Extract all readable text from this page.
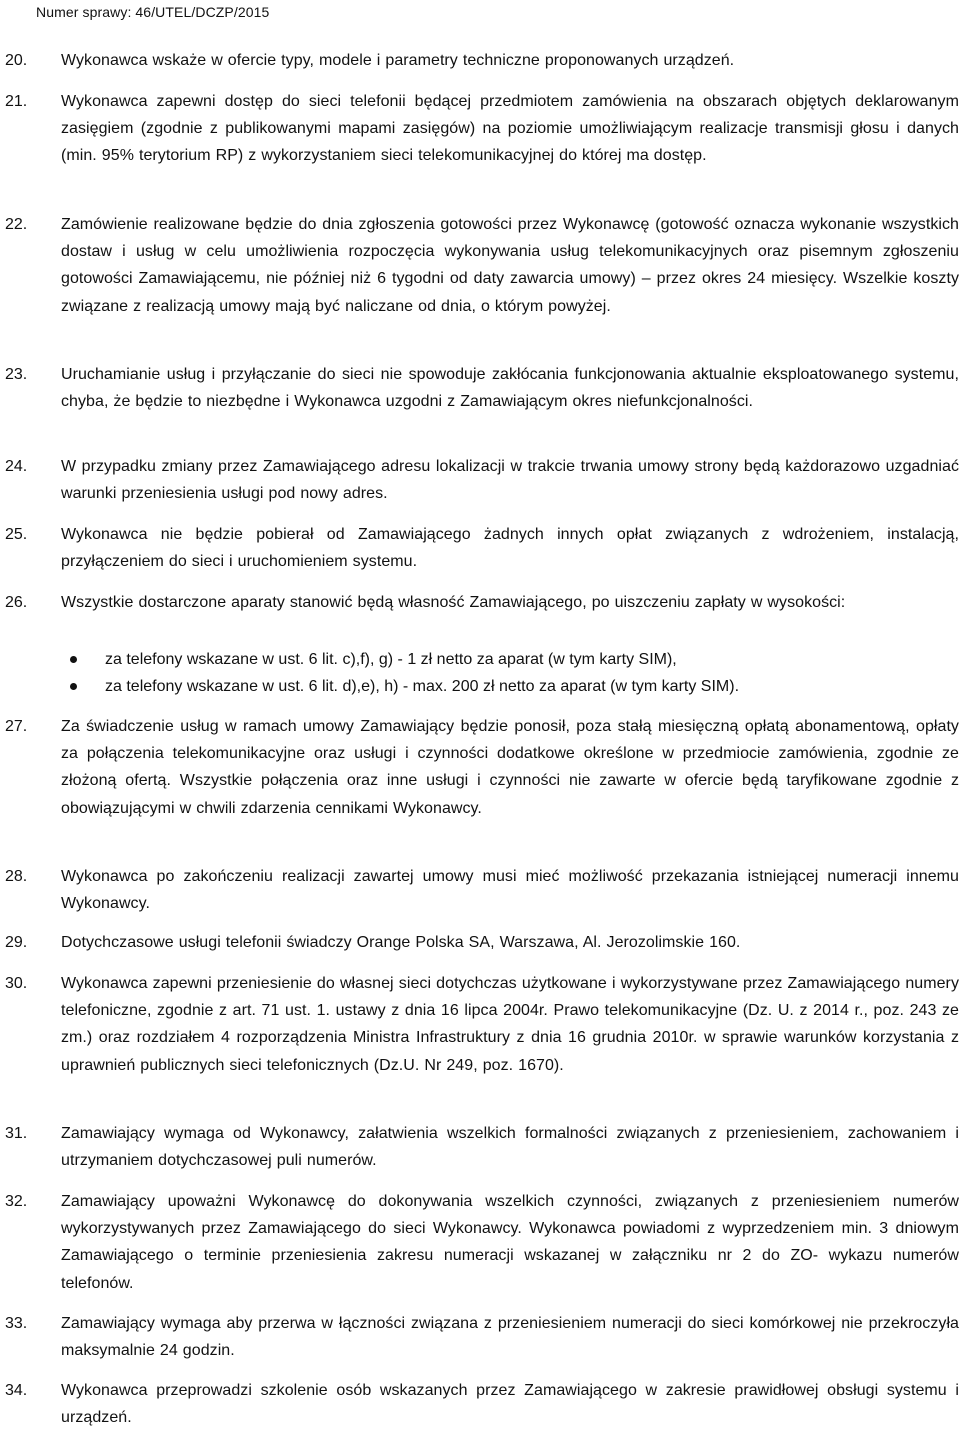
Numer sprawy: 46/UTEL/DCZP/2015
20. Wykonawca wskaże w ofercie typy, modele i parametry techniczne proponowanych urządzeń.
21. Wykonawca zapewni dostęp do sieci telefonii będącej przedmiotem zamówienia na obszarach objętych deklarowanym zasięgiem (zgodnie z publikowanymi mapami zasięgów) na poziomie umożliwiającym realizacje transmisji głosu i danych (min. 95% terytorium RP) z wykorzystaniem sieci telekomunikacyjnej do której ma dostęp.
22. Zamówienie realizowane będzie do dnia zgłoszenia gotowości przez Wykonawcę (gotowość oznacza wykonanie wszystkich dostaw i usług w celu umożliwienia rozpoczęcia wykonywania usług telekomunikacyjnych oraz pisemnym zgłoszeniu gotowości Zamawiającemu, nie później niż 6 tygodni od daty zawarcia umowy) – przez okres 24 miesięcy. Wszelkie koszty związane z realizacją umowy mają być naliczane od dnia, o którym powyżej.
23. Uruchamianie usług i przyłączanie do sieci nie spowoduje zakłócania funkcjonowania aktualnie eksploatowanego systemu, chyba, że będzie to niezbędne i Wykonawca uzgodni z Zamawiającym okres niefunkcjonalności.
24. W przypadku zmiany przez Zamawiającego adresu lokalizacji w trakcie trwania umowy strony będą każdorazowo uzgadniać warunki przeniesienia usługi pod nowy adres.
25. Wykonawca nie będzie pobierał od Zamawiającego żadnych innych opłat związanych z wdrożeniem, instalacją, przyłączeniem do sieci i uruchomieniem systemu.
26. Wszystkie dostarczone aparaty stanowić będą własność Zamawiającego, po uiszczeniu zapłaty w wysokości:
za telefony wskazane w ust. 6 lit. c),f), g) - 1 zł netto za aparat (w tym karty SIM),
za telefony wskazane w ust. 6 lit. d),e), h) - max. 200 zł netto za aparat (w tym karty SIM).
27. Za świadczenie usług w ramach umowy Zamawiający będzie ponosił, poza stałą miesięczną opłatą abonamentową, opłaty za połączenia telekomunikacyjne oraz usługi i czynności dodatkowe określone w przedmiocie zamówienia, zgodnie ze złożoną ofertą. Wszystkie połączenia oraz inne usługi i czynności nie zawarte w ofercie będą taryfikowane zgodnie z obowiązującymi w chwili zdarzenia cennikami Wykonawcy.
28. Wykonawca po zakończeniu realizacji zawartej umowy musi mieć możliwość przekazania istniejącej numeracji innemu Wykonawcy.
29. Dotychczasowe usługi telefonii świadczy Orange Polska SA, Warszawa, Al. Jerozolimskie 160.
30. Wykonawca zapewni przeniesienie do własnej sieci dotychczas użytkowane i wykorzystywane przez Zamawiającego numery telefoniczne, zgodnie z art. 71 ust. 1. ustawy z dnia 16 lipca 2004r. Prawo telekomunikacyjne (Dz. U. z 2014 r., poz. 243 ze zm.) oraz rozdziałem 4 rozporządzenia Ministra Infrastruktury z dnia 16 grudnia 2010r. w sprawie warunków korzystania z uprawnień publicznych sieci telefonicznych (Dz.U. Nr 249, poz. 1670).
31. Zamawiający wymaga od Wykonawcy, załatwienia wszelkich formalności związanych z przeniesieniem, zachowaniem i utrzymaniem dotychczasowej puli numerów.
32. Zamawiający upoważni Wykonawcę do dokonywania wszelkich czynności, związanych z przeniesieniem numerów wykorzystywanych przez Zamawiającego do sieci Wykonawcy. Wykonawca powiadomi z wyprzedzeniem min. 3 dniowym Zamawiającego o terminie przeniesienia zakresu numeracji wskazanej w załączniku nr 2 do ZO- wykazu numerów telefonów.
33. Zamawiający wymaga aby przerwa w łączności związana z przeniesieniem numeracji do sieci komórkowej nie przekroczyła maksymalnie 24 godzin.
34. Wykonawca przeprowadzi szkolenie osób wskazanych przez Zamawiającego w zakresie prawidłowej obsługi systemu i urządzeń.
